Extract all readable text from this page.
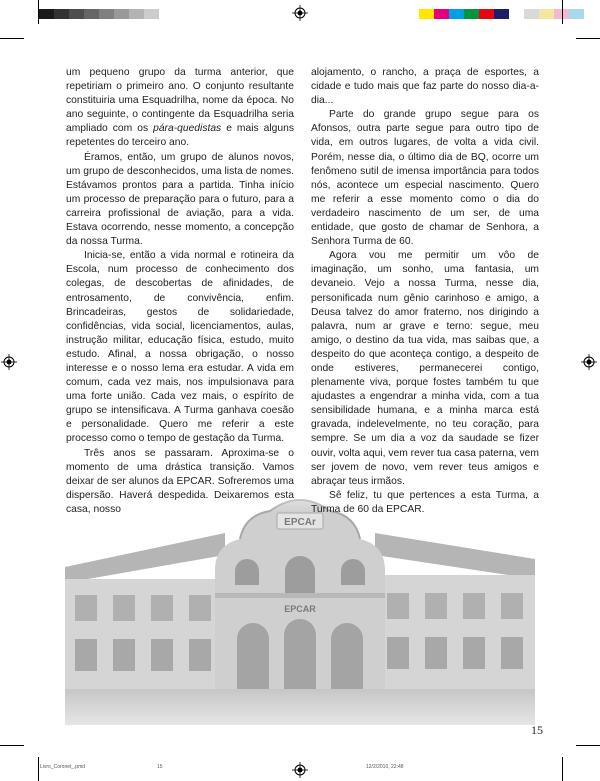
um pequeno grupo da turma anterior, que repetiriam o primeiro ano. O conjunto resultante constituiria uma Esquadrilha, nome da época. No ano seguinte, o contingente da Esquadrilha seria ampliado com os pára-quedistas e mais alguns repetentes do terceiro ano.

Éramos, então, um grupo de alunos novos, um grupo de desconhecidos, uma lista de nomes. Estávamos prontos para a partida. Tinha início um processo de preparação para o futuro, para a carreira profissional de aviação, para a vida. Estava ocorrendo, nesse momento, a concepção da nossa Turma.

Inicia-se, então a vida normal e rotineira da Escola, num processo de conhecimento dos colegas, de descobertas de afinidades, de entrosamento, de convivência, enfim. Brincadeiras, gestos de solidariedade, confidências, vida social, licenciamentos, aulas, instrução militar, educação física, estudo, muito estudo. Afinal, a nossa obrigação, o nosso interesse e o nosso lema era estudar. A vida em comum, cada vez mais, nos impulsionava para uma forte união. Cada vez mais, o espírito de grupo se intensificava. A Turma ganhava coesão e personalidade. Quero me referir a este processo como o tempo de gestação da Turma.

Três anos se passaram. Aproxima-se o momento de uma drástica transição. Vamos deixar de ser alunos da EPCAR. Sofreremos uma dispersão. Haverá despedida. Deixaremos esta casa, nosso

alojamento, o rancho, a praça de esportes, a cidade e tudo mais que faz parte do nosso dia-a-dia...

Parte do grande grupo segue para os Afonsos, outra parte segue para outro tipo de vida, em outros lugares, de volta a vida civil. Porém, nesse dia, o último dia de BQ, ocorre um fenômeno sutil de imensa importância para todos nós, acontece um especial nascimento. Quero me referir a esse momento como o dia do verdadeiro nascimento de um ser, de uma entidade, que gosto de chamar de Senhora, a Senhora Turma de 60.

Agora vou me permitir um vôo de imaginação, um sonho, uma fantasia, um devaneio. Vejo a nossa Turma, nesse dia, personificada num gênio carinhoso e amigo, a Deusa talvez do amor fraterno, nos dirigindo a palavra, num ar grave e terno: segue, meu amigo, o destino da tua vida, mas saibas que, a despeito do que aconteça contigo, a despeito de onde estiveres, permanecerei contigo, plenamente viva, porque fostes também tu que ajudastes a engendrar a minha vida, com a tua sensibilidade humana, e a minha marca está gravada, indelevelmente, no teu coração, para sempre. Se um dia a voz da saudade se fizer ouvir, volta aqui, vem rever tua casa paterna, vem ser jovem de novo, vem rever teus amigos e abraçar teus irmãos.

Sê feliz, tu que pertences a esta Turma, a Turma de 60 da EPCAR.

15
Livro_Coronel_.pmd	15	12/2/2010, 22:48
